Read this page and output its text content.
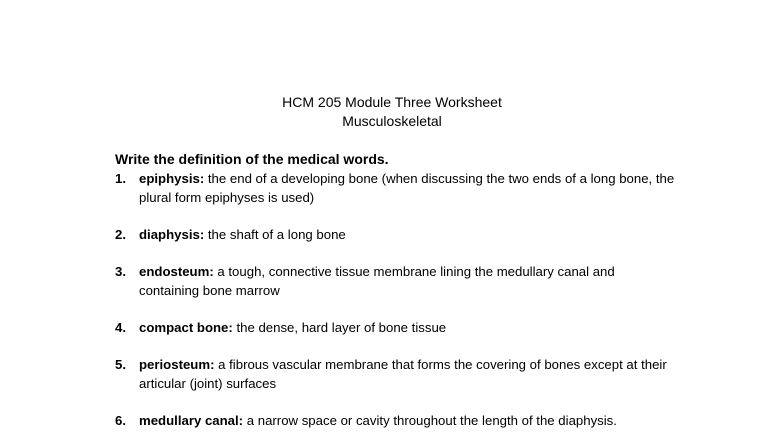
HCM 205 Module Three Worksheet
Musculoskeletal
Write the definition of the medical words.
1. epiphysis: the end of a developing bone (when discussing the two ends of a long bone, the plural form epiphyses is used)
2. diaphysis: the shaft of a long bone
3. endosteum: a tough, connective tissue membrane lining the medullary canal and containing bone marrow
4. compact bone: the dense, hard layer of bone tissue
5. periosteum: a fibrous vascular membrane that forms the covering of bones except at their articular (joint) surfaces
6. medullary canal: a narrow space or cavity throughout the length of the diaphysis.
